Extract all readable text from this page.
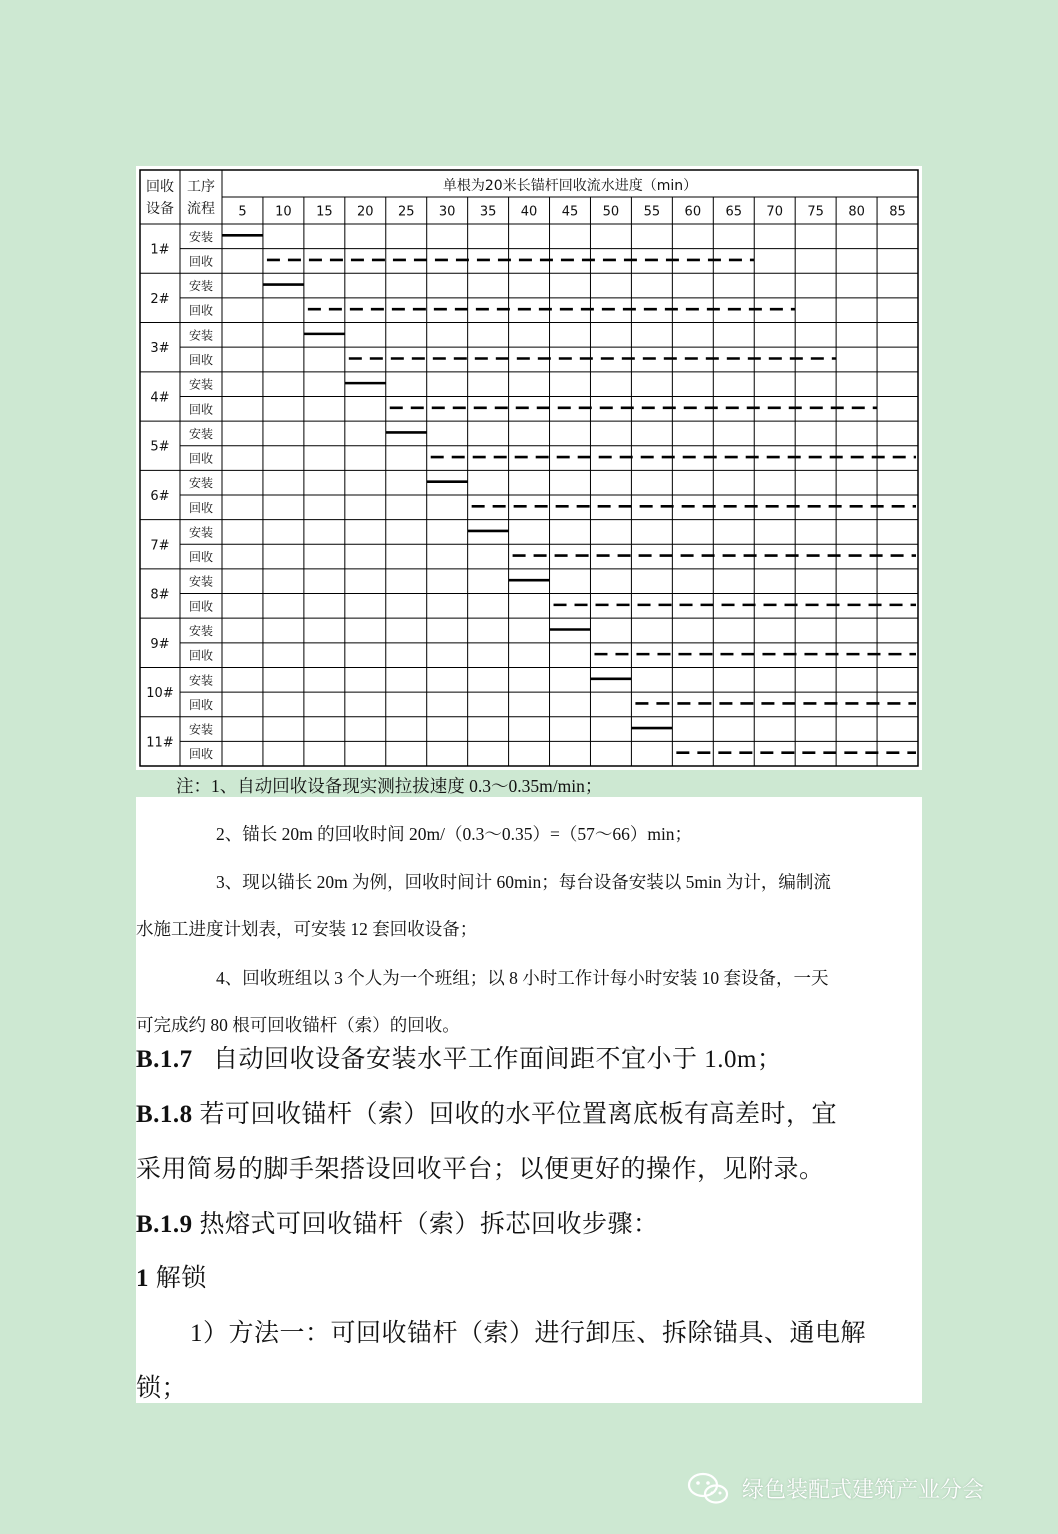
单根为20米长锚杆回收流水进度（min）
回收
设备
工序
流程 5 10 15 20 25 30 35 40 45 50 55 60 65 70 75 80 85
1#
安装
回收
2#
安装
回收
3#
安装
回收
4#
安装
回收
5#
安装
回收
6#
安装
回收
7#
安装
回收
8#
安装
回收
9#
安装
回收
10#
安装
回收
11#
安装
回收

注：1、自动回收设备现实测拉拔速度 0.3～0.35m/min；

2、锚长 20m 的回收时间 20m/（0.3～0.35）=（57～66）min；

3、现以锚长 20m 为例，回收时间计 60min；每台设备安装以 5min 为计，编制流

水施工进度计划表，可安装 12 套回收设备；

4、回收班组以 3 个人为一个班组；以 8 小时工作计每小时安装 10 套设备，一天

可完成约 80 根可回收锚杆（索）的回收。

B.1.7 自动回收设备安装水平工作面间距不宜小于 1.0m；

B.1.8 若可回收锚杆（索）回收的水平位置离底板有高差时，宜

采用简易的脚手架搭设回收平台；以便更好的操作，见附录。

B.1.9 热熔式可回收锚杆（索）拆芯回收步骤：

1 解锁

1）方法一：可回收锚杆（索）进行卸压、拆除锚具、通电解

锁；

绿色装配式建筑产业分会
